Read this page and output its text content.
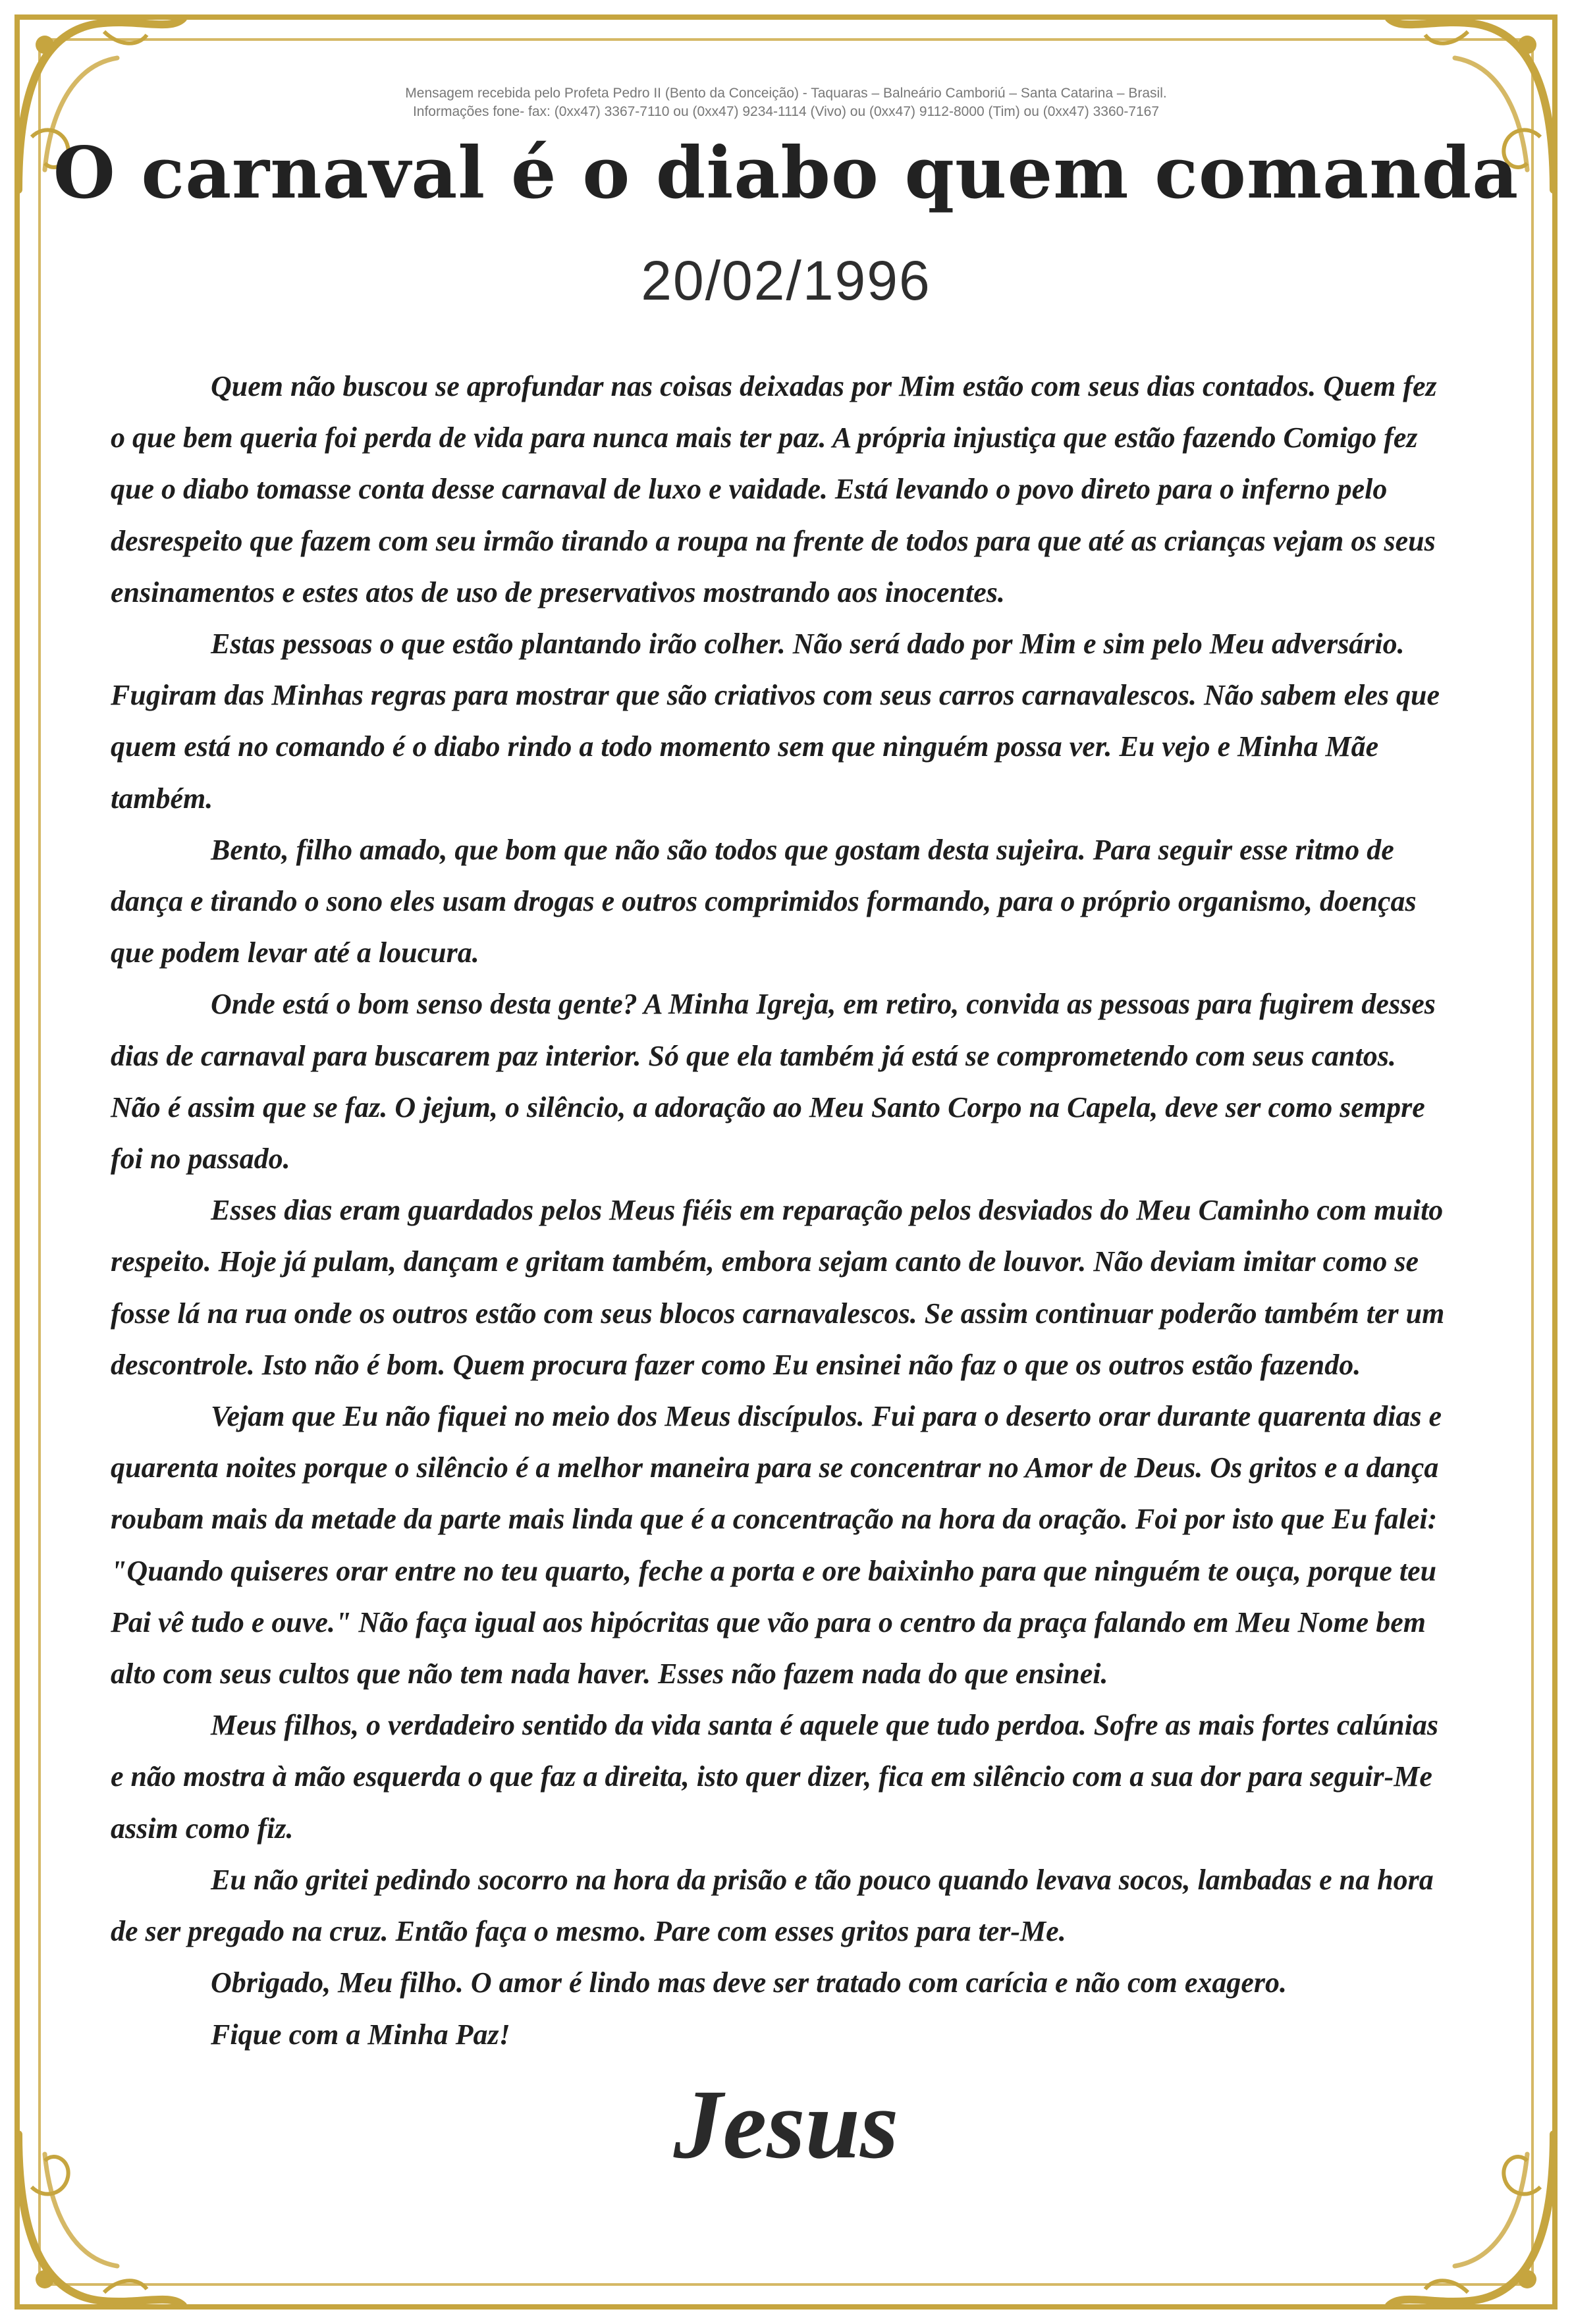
Mensagem recebida pelo Profeta Pedro II (Bento da Conceição) - Taquaras – Balneário Camboriú – Santa Catarina – Brasil.
Informações fone- fax: (0xx47) 3367-7110 ou (0xx47) 9234-1114 (Vivo) ou (0xx47) 9112-8000 (Tim) ou (0xx47) 3360-7167
O carnaval é o diabo quem comanda
20/02/1996

Quem não buscou se aprofundar nas coisas deixadas por Mim estão com seus dias contados. Quem fez o que bem queria foi perda de vida para nunca mais ter paz. A própria injustiça que estão fazendo Comigo fez que o diabo tomasse conta desse carnaval de luxo e vaidade. Está levando o povo direto para o inferno pelo desrespeito que fazem com seu irmão tirando a roupa na frente de todos para que até as crianças vejam os seus ensinamentos e estes atos de uso de preservativos mostrando aos inocentes.

Estas pessoas o que estão plantando irão colher. Não será dado por Mim e sim pelo Meu adversário. Fugiram das Minhas regras para mostrar que são criativos com seus carros carnavalescos. Não sabem eles que quem está no comando é o diabo rindo a todo momento sem que ninguém possa ver. Eu vejo e Minha Mãe também.

Bento, filho amado, que bom que não são todos que gostam desta sujeira. Para seguir esse ritmo de dança e tirando o sono eles usam drogas e outros comprimidos formando, para o próprio organismo, doenças que podem levar até a loucura.

Onde está o bom senso desta gente? A Minha Igreja, em retiro, convida as pessoas para fugirem desses dias de carnaval para buscarem paz interior. Só que ela também já está se comprometendo com seus cantos. Não é assim que se faz. O jejum, o silêncio, a adoração ao Meu Santo Corpo na Capela, deve ser como sempre foi no passado.

Esses dias eram guardados pelos Meus fiéis em reparação pelos desviados do Meu Caminho com muito respeito. Hoje já pulam, dançam e gritam também, embora sejam canto de louvor. Não deviam imitar como se fosse lá na rua onde os outros estão com seus blocos carnavalescos. Se assim continuar poderão também ter um descontrole. Isto não é bom. Quem procura fazer como Eu ensinei não faz o que os outros estão fazendo.

Vejam que Eu não fiquei no meio dos Meus discípulos. Fui para o deserto orar durante quarenta dias e quarenta noites porque o silêncio é a melhor maneira para se concentrar no Amor de Deus. Os gritos e a dança roubam mais da metade da parte mais linda que é a concentração na hora da oração. Foi por isto que Eu falei: "Quando quiseres orar entre no teu quarto, feche a porta e ore baixinho para que ninguém te ouça, porque teu Pai vê tudo e ouve." Não faça igual aos hipócritas que vão para o centro da praça falando em Meu Nome bem alto com seus cultos que não tem nada haver. Esses não fazem nada do que ensinei.

Meus filhos, o verdadeiro sentido da vida santa é aquele que tudo perdoa. Sofre as mais fortes calúnias e não mostra à mão esquerda o que faz a direita, isto quer dizer, fica em silêncio com a sua dor para seguir-Me assim como fiz.

Eu não gritei pedindo socorro na hora da prisão e tão pouco quando levava socos, lambadas e na hora de ser pregado na cruz. Então faça o mesmo. Pare com esses gritos para ter-Me.

Obrigado, Meu filho. O amor é lindo mas deve ser tratado com carícia e não com exagero.

Fique com a Minha Paz!

Jesus
